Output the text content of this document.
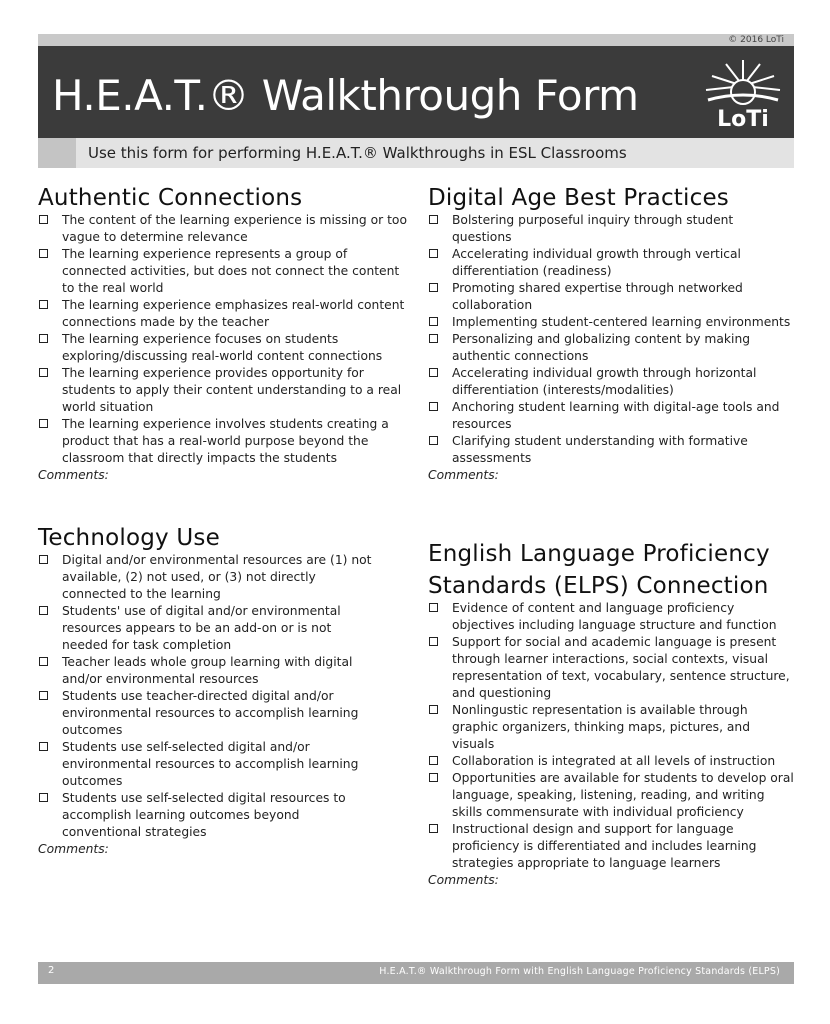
© 2016 LoTi
H.E.A.T.® Walkthrough Form	LoTi
Use this form for performing H.E.A.T.® Walkthroughs in ESL Classrooms
Authentic Connections
The content of the learning experience is missing or too vague to determine relevance
The learning experience represents a group of connected activities, but does not connect the content to the real world
The learning experience emphasizes real-world content connections made by the teacher
The learning experience focuses on students exploring/discussing real-world content connections
The learning experience provides opportunity for students to apply their content understanding to a real world situation
The learning experience involves students creating a product that has a real-world purpose beyond the classroom that directly impacts the students
Comments:
Digital Age Best Practices
Bolstering purposeful inquiry through student questions
Accelerating individual growth through vertical differentiation (readiness)
Promoting shared expertise through networked collaboration
Implementing student-centered learning environments
Personalizing and globalizing content by making authentic connections
Accelerating individual growth through horizontal differentiation (interests/modalities)
Anchoring student learning with digital-age tools and resources
Clarifying student understanding with formative assessments
Comments:
Technology Use
Digital and/or environmental resources are (1) not available, (2) not used, or (3) not directly connected to the learning
Students' use of digital and/or environmental resources appears to be an add-on or is not needed for task completion
Teacher leads whole group learning with digital and/or environmental resources
Students use teacher-directed digital and/or environmental resources to accomplish learning outcomes
Students use self-selected digital and/or environmental resources to accomplish learning outcomes
Students use self-selected digital resources to accomplish learning outcomes beyond conventional strategies
Comments:
English Language Proficiency
Standards (ELPS) Connection
Evidence of content and language proficiency objectives including language structure and function
Support for social and academic language is present through learner interactions, social contexts, visual representation of text, vocabulary, sentence structure, and questioning
Nonlingustic representation is available through graphic organizers, thinking maps, pictures, and visuals
Collaboration is integrated at all levels of instruction
Opportunities are available for students to develop oral language, speaking, listening, reading, and writing skills commensurate with individual proficiency
Instructional design and support for language proficiency is differentiated and includes learning strategies appropriate to language learners
Comments:
2	H.E.A.T.® Walkthrough Form with English Language Proficiency Standards (ELPS)
